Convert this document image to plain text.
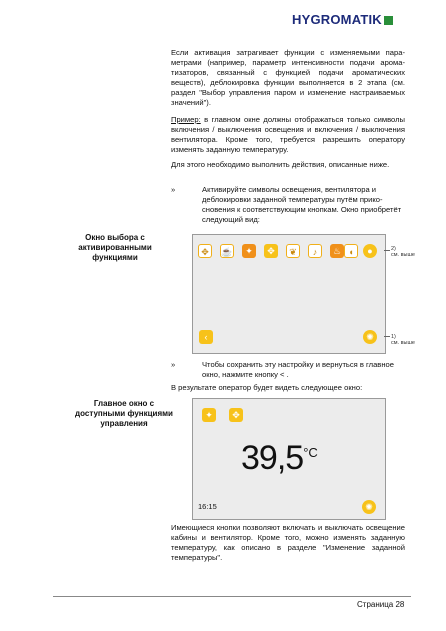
HYGROMATIK
Если активация затрагивает функции с изменяемыми параметрами (например, параметр интенсивности подачи ароматизаторов, связанный с функцией подачи ароматических веществ), деблокировка функции выполняется в 2 этапа (см. раздел "Выбор управления паром и изменение настраиваемых значений").
Пример: в главном окне должны отображаться только символы включения / выключения освещения и включения / выключения вентилятора. Кроме того, требуется разрешить оператору изменять заданную температуру.
Для этого необходимо выполнить действия, описанные ниже.
»	Активируйте символы освещения, вентилятора и деблокировки заданной температуры путём прикосновения к соответствующим кнопкам. Окно приобретёт следующий вид:
Окно выбора с активированными функциями
✥ ☕	✦	✥	❦	♪	♨ ◖	●
‹	✺
2)
см. выше
1)
см. выше
»	Чтобы сохранить эту настройку и вернуться в главное окно, нажмите кнопку < .
В результате оператор будет видеть следующее окно:
Главное окно с доступными функциями управления
✦	✥
$39,5^{^\circ C}$
16:15	✺
Имеющиеся кнопки позволяют включать и выключать освещение кабины и вентилятор. Кроме того, можно изменять заданную температуру, как описано в разделе "Изменение заданной температуры".
Страница 28
